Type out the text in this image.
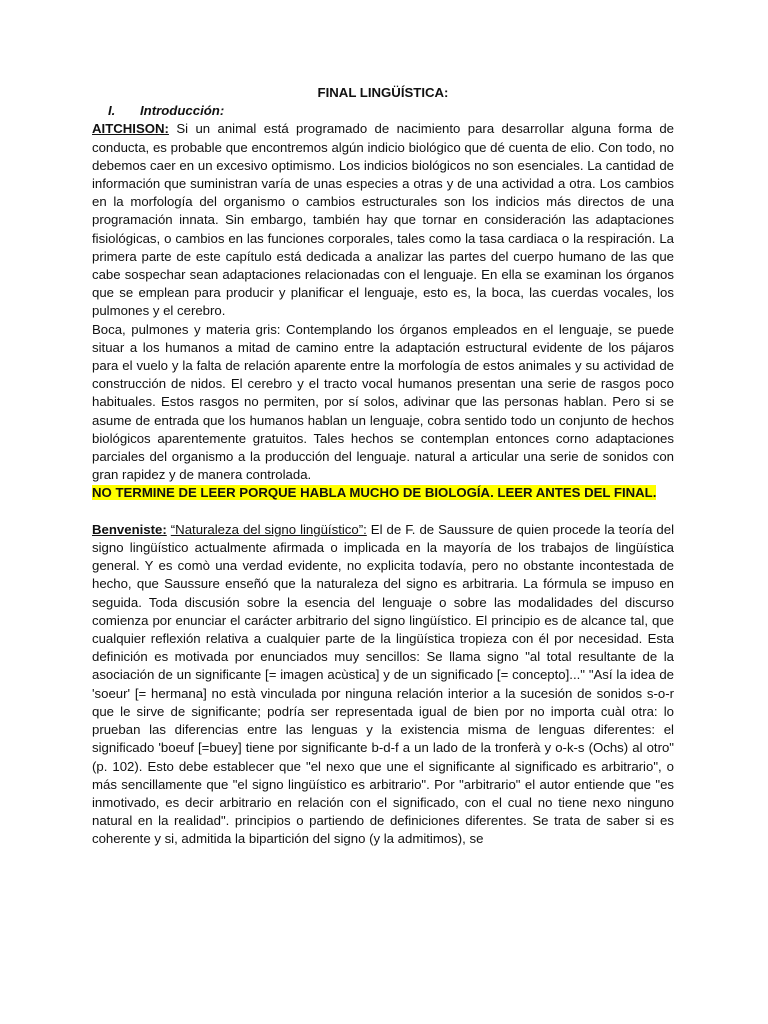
FINAL LINGÜÍSTICA:

I. Introducción:

AITCHISON: Si un animal está programado de nacimiento para desarrollar alguna forma de conducta, es probable que encontremos algún indicio biológico que dé cuenta de elio. Con todo, no debemos caer en un excesivo optimismo. Los indicios biológicos no son esenciales. La cantidad de información que suministran varía de unas especies a otras y de una actividad a otra. Los cambios en la morfología del organismo o cambios estructurales son los indicios más directos de una programación innata. Sin embargo, también hay que tornar en consideración las adaptaciones fisiológicas, o cambios en las funciones corporales, tales como la tasa cardiaca o la respiración. La primera parte de este capítulo está dedicada a analizar las partes del cuerpo humano de las que cabe sospechar sean adaptaciones relacionadas con el lenguaje. En ella se examinan los órganos que se emplean para producir y planificar el lenguaje, esto es, la boca, las cuerdas vocales, los pulmones y el cerebro.

Boca, pulmones y materia gris: Contemplando los órganos empleados en el lenguaje, se puede situar a los humanos a mitad de camino entre la adaptación estructural evidente de los pájaros para el vuelo y la falta de relación aparente entre la morfología de estos animales y su actividad de construcción de nidos. El cerebro y el tracto vocal humanos presentan una serie de rasgos poco habituales. Estos rasgos no permiten, por sí solos, adivinar que las personas hablan. Pero si se asume de entrada que los humanos hablan un lenguaje, cobra sentido todo un conjunto de hechos biológicos aparentemente gratuitos. Tales hechos se contemplan entonces corno adaptaciones parciales del organismo a la producción del lenguaje. natural a articular una serie de sonidos con gran rapidez y de manera controlada.

NO TERMINE DE LEER PORQUE HABLA MUCHO DE BIOLOGÍA. LEER ANTES DEL FINAL.

Benveniste: “Naturaleza del signo lingüístico”: El de F. de Saussure de quien procede la teoría del signo lingüístico actualmente afirmada o implicada en la mayoría de los trabajos de lingüística general. Y es comò una verdad evidente, no explicita todavía, pero no obstante incontestada de hecho, que Saussure enseñó que la naturaleza del signo es arbitraria. La fórmula se impuso en seguida. Toda discusión sobre la esencia del lenguaje o sobre las modalidades del discurso comienza por enunciar el carácter arbitrario del signo lingüístico. El principio es de alcance tal, que cualquier reflexión relativa a cualquier parte de la lingüística tropieza con él por necesidad. Esta definición es motivada por enunciados muy sencillos: Se llama signo "al total resultante de la asociación de un significante [= imagen acùstica] y de un significado [= concepto]..." "Así la idea de 'soeur' [= hermana] no està vinculada por ninguna relación interior a la sucesión de sonidos s-o-r que le sirve de significante; podría ser representada igual de bien por no importa cuàl otra: lo prueban las diferencias entre las lenguas y la existencia misma de lenguas diferentes: el significado 'boeuf [=buey] tiene por significante b-d-f a un lado de la tronferà y o-k-s (Ochs) al otro" (p. 102). Esto debe establecer que "el nexo que une el significante al significado es arbitrario", o más sencillamente que "el signo lingüístico es arbitrario". Por "arbitrario" el autor entiende que "es inmotivado, es decir arbitrario en relación con el significado, con el cual no tiene nexo ninguno natural en la realidad". principios o partiendo de definiciones diferentes. Se trata de saber si es coherente y si, admitida la bipartición del signo (y la admitimos), se
